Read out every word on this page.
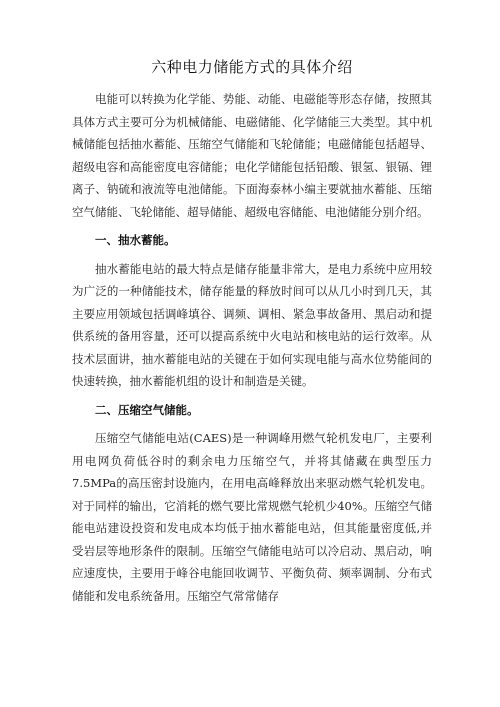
六种电力储能方式的具体介绍

电能可以转换为化学能、势能、动能、电磁能等形态存储，按照其具体方式主要可分为机械储能、电磁储能、化学储能三大类型。其中机械储能包括抽水蓄能、压缩空气储能和飞轮储能；电磁储能包括超导、超级电容和高能密度电容储能；电化学储能包括铅酸、银氢、银镉、锂离子、钠硫和液流等电池储能。下面海泰林小编主要就抽水蓄能、压缩空气储能、飞轮储能、超导储能、超级电容储能、电池储能分别介绍。

一、抽水蓄能。

抽水蓄能电站的最大特点是储存能量非常大，是电力系统中应用较为广泛的一种储能技术，储存能量的释放时间可以从几小时到几天，其主要应用领域包括调峰填谷、调频、调相、紧急事故备用、黑启动和提供系统的备用容量，还可以提高系统中火电站和核电站的运行效率。从技术层面讲，抽水蓄能电站的关键在于如何实现电能与高水位势能间的快速转换，抽水蓄能机组的设计和制造是关键。

二、压缩空气储能。

压缩空气储能电站(CAES)是一种调峰用燃气轮机发电厂，主要利用电网负荷低谷时的剩余电力压缩空气，并将其储藏在典型压力7.5MPa的高压密封设施内，在用电高峰释放出来驱动燃气轮机发电。对于同样的输出，它消耗的燃气要比常规燃气轮机少40%。压缩空气储能电站建设投资和发电成本均低于抽水蓄能电站，但其能量密度低,并受岩层等地形条件的限制。压缩空气储能电站可以冷启动、黑启动，响应速度快，主要用于峰谷电能回收调节、平衡负荷、频率调制、分布式储能和发电系统备用。压缩空气常常储存
